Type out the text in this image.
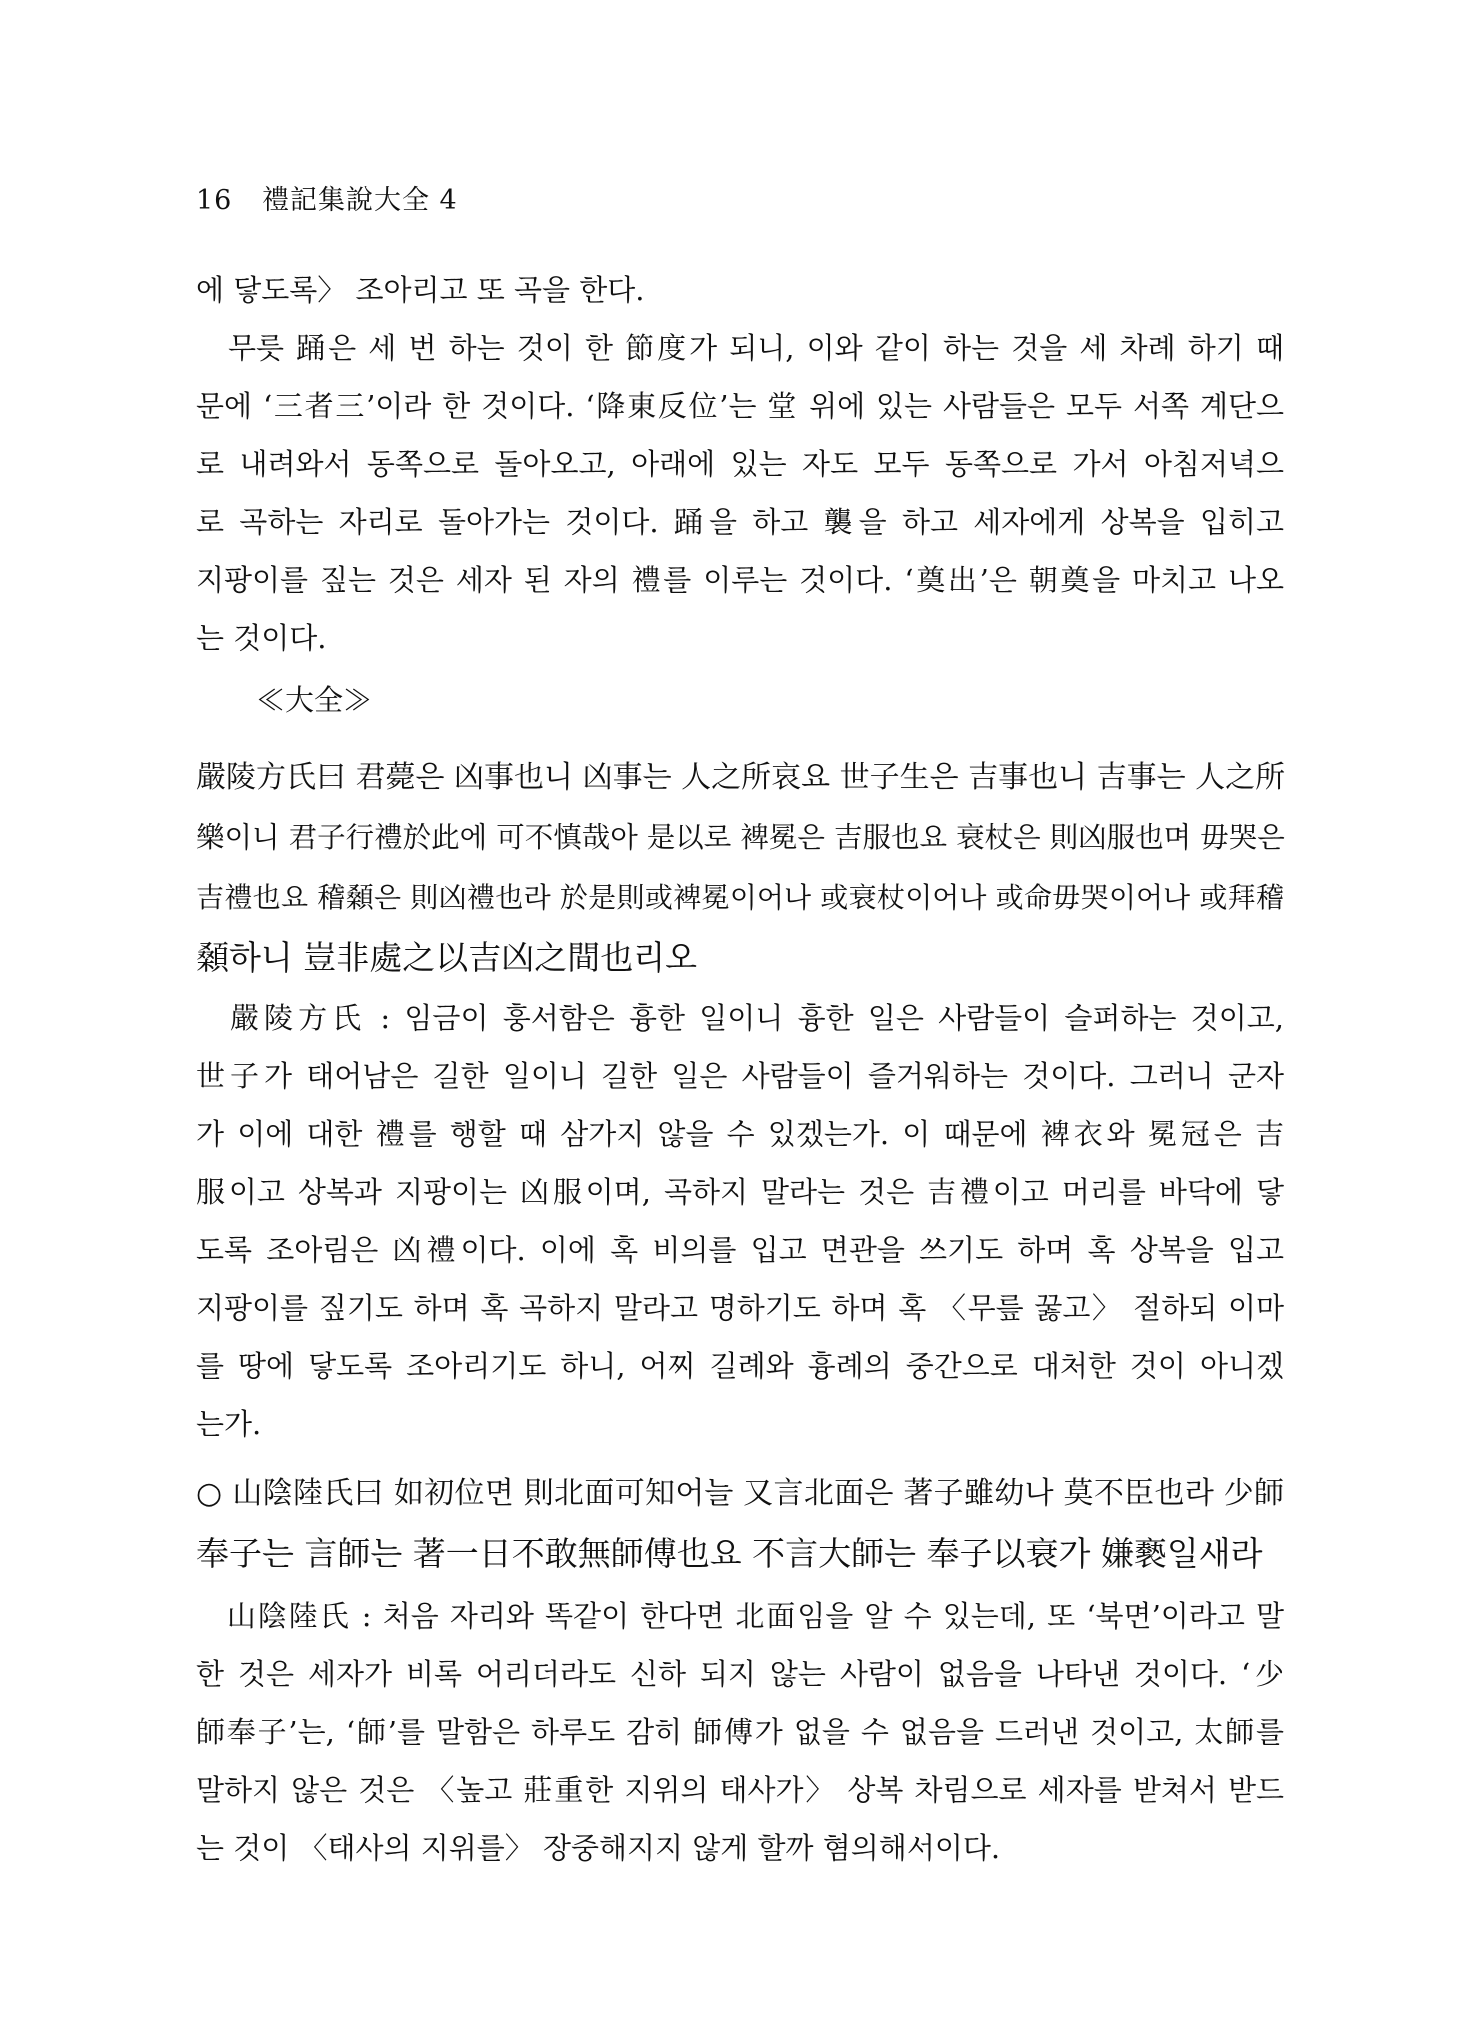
16 禮記集說大全 4
에 닿도록〉 조아리고 또 곡을 한다.
　무릇 踊은 세 번 하는 것이 한 節度가 되니, 이와 같이 하는 것을 세 차례 하기 때
문에 ‘三者三’이라 한 것이다. ‘降東反位’는 堂 위에 있는 사람들은 모두 서쪽 계단으
로 내려와서 동쪽으로 돌아오고, 아래에 있는 자도 모두 동쪽으로 가서 아침저녁으
로 곡하는 자리로 돌아가는 것이다. 踊을 하고 襲을 하고 세자에게 상복을 입히고
지팡이를 짚는 것은 세자 된 자의 禮를 이루는 것이다. ‘奠出’은 朝奠을 마치고 나오
는 것이다.
≪大全≫
嚴陵方氏曰 君薨은 凶事也니 凶事는 人之所哀요 世子生은 吉事也니 吉事는 人之所
樂이니 君子行禮於此에 可不慎哉아 是以로 裨冕은 吉服也요 衰杖은 則凶服也며 毋哭은
吉禮也요 稽顙은 則凶禮也라 於是則或裨冕이어나 或衰杖이어나 或命毋哭이어나 或拜稽
顙하니 豈非處之以吉凶之間也리오
　嚴陵方氏 : 임금이 훙서함은 흉한 일이니 흉한 일은 사람들이 슬퍼하는 것이고,
世子가 태어남은 길한 일이니 길한 일은 사람들이 즐거워하는 것이다. 그러니 군자
가 이에 대한 禮를 행할 때 삼가지 않을 수 있겠는가. 이 때문에 裨衣와 冕冠은 吉
服이고 상복과 지팡이는 凶服이며, 곡하지 말라는 것은 吉禮이고 머리를 바닥에 닿
도록 조아림은 凶禮이다. 이에 혹 비의를 입고 면관을 쓰기도 하며 혹 상복을 입고
지팡이를 짚기도 하며 혹 곡하지 말라고 명하기도 하며 혹 〈무릎 꿇고〉 절하되 이마
를 땅에 닿도록 조아리기도 하니, 어찌 길례와 흉례의 중간으로 대처한 것이 아니겠
는가.
○ 山陰陸氏曰 如初位면 則北面可知어늘 又言北面은 著子雖幼나 莫不臣也라 少師
奉子는 言師는 著一日不敢無師傅也요 不言大師는 奉子以衰가 嫌褻일새라
　山陰陸氏 : 처음 자리와 똑같이 한다면 北面임을 알 수 있는데, 또 ‘북면’이라고 말
한 것은 세자가 비록 어리더라도 신하 되지 않는 사람이 없음을 나타낸 것이다. ‘少
師奉子’는, ‘師’를 말함은 하루도 감히 師傅가 없을 수 없음을 드러낸 것이고, 太師를
말하지 않은 것은 〈높고 莊重한 지위의 태사가〉 상복 차림으로 세자를 받쳐서 받드
는 것이 〈태사의 지위를〉 장중해지지 않게 할까 혐의해서이다.
